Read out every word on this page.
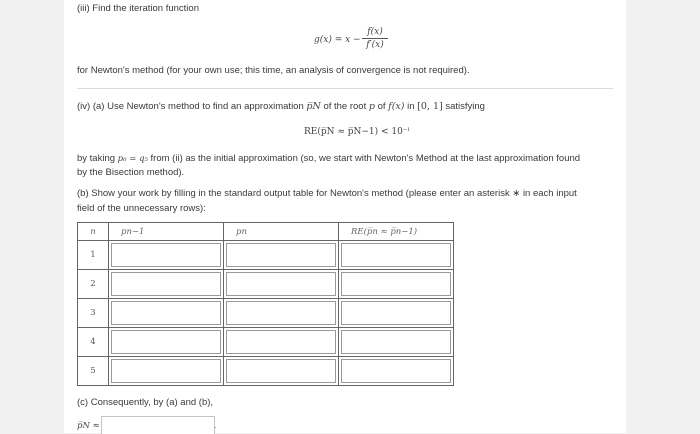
(iii) Find the iteration function
g(x) = x −
f(x)
f′(x)
for Newton's method (for your own use; this time, an analysis of convergence is not required).
(iv) (a) Use Newton's method to find an approximation p̅N of the root p of f(x) in [0, 1] satisfying
RE(p̅N ≈ p̅N−1) < 10⁻ˡ
by taking p₀ = q₅ from (ii) as the initial approximation (so, we start with Newton's Method at the last approximation found
by the Bisection method).
(b) Show your work by filling in the standard output table for Newton's method (please enter an asterisk ∗ in each input
field of the unnecessary rows):
n	pn−1	pn	RE(p̅n ≈ p̅n−1)
1	

2	

3	

4	

5	

(c) Consequently, by (a) and (b),
p̅N ≈	.
